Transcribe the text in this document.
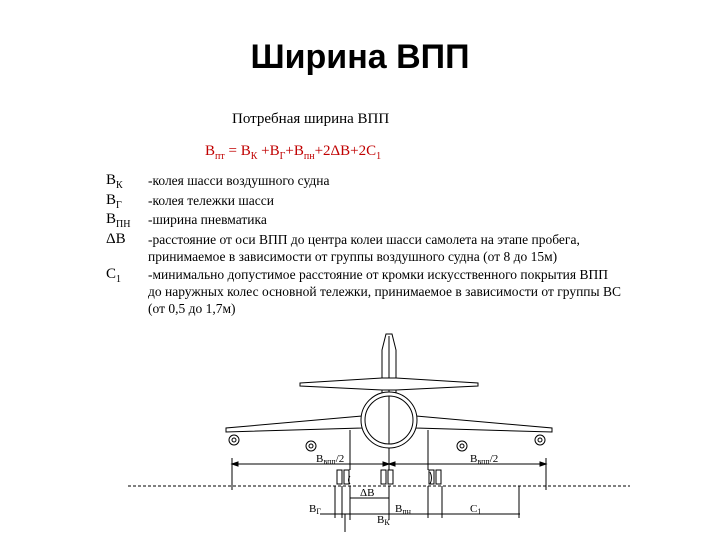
Ширина ВПП
Потребная ширина ВПП
$В_{пт} = В_К +В_Г+В_{пн}+2\Delta В+2С_1$
$В_К$	-колея шасси воздушного судна
$В_Г$	-колея тележки шасси
$В_{ПН}$	-ширина пневматика
ΔВ	-расстояние от оси ВПП до центра колеи шасси самолета на этапе пробега,
принимаемое в зависимости от группы воздушного судна (от 8 до 15м)
$С_1$	-минимально допустимое расстояние от кромки искусственного покрытия ВПП
до наружных колес основной тележки, принимаемое в зависимости от группы ВС
(от 0,5 до 1,7м)
Ввпп/2	Ввпп/2
ΔВ
ВГ
ВК
Впн	С1
